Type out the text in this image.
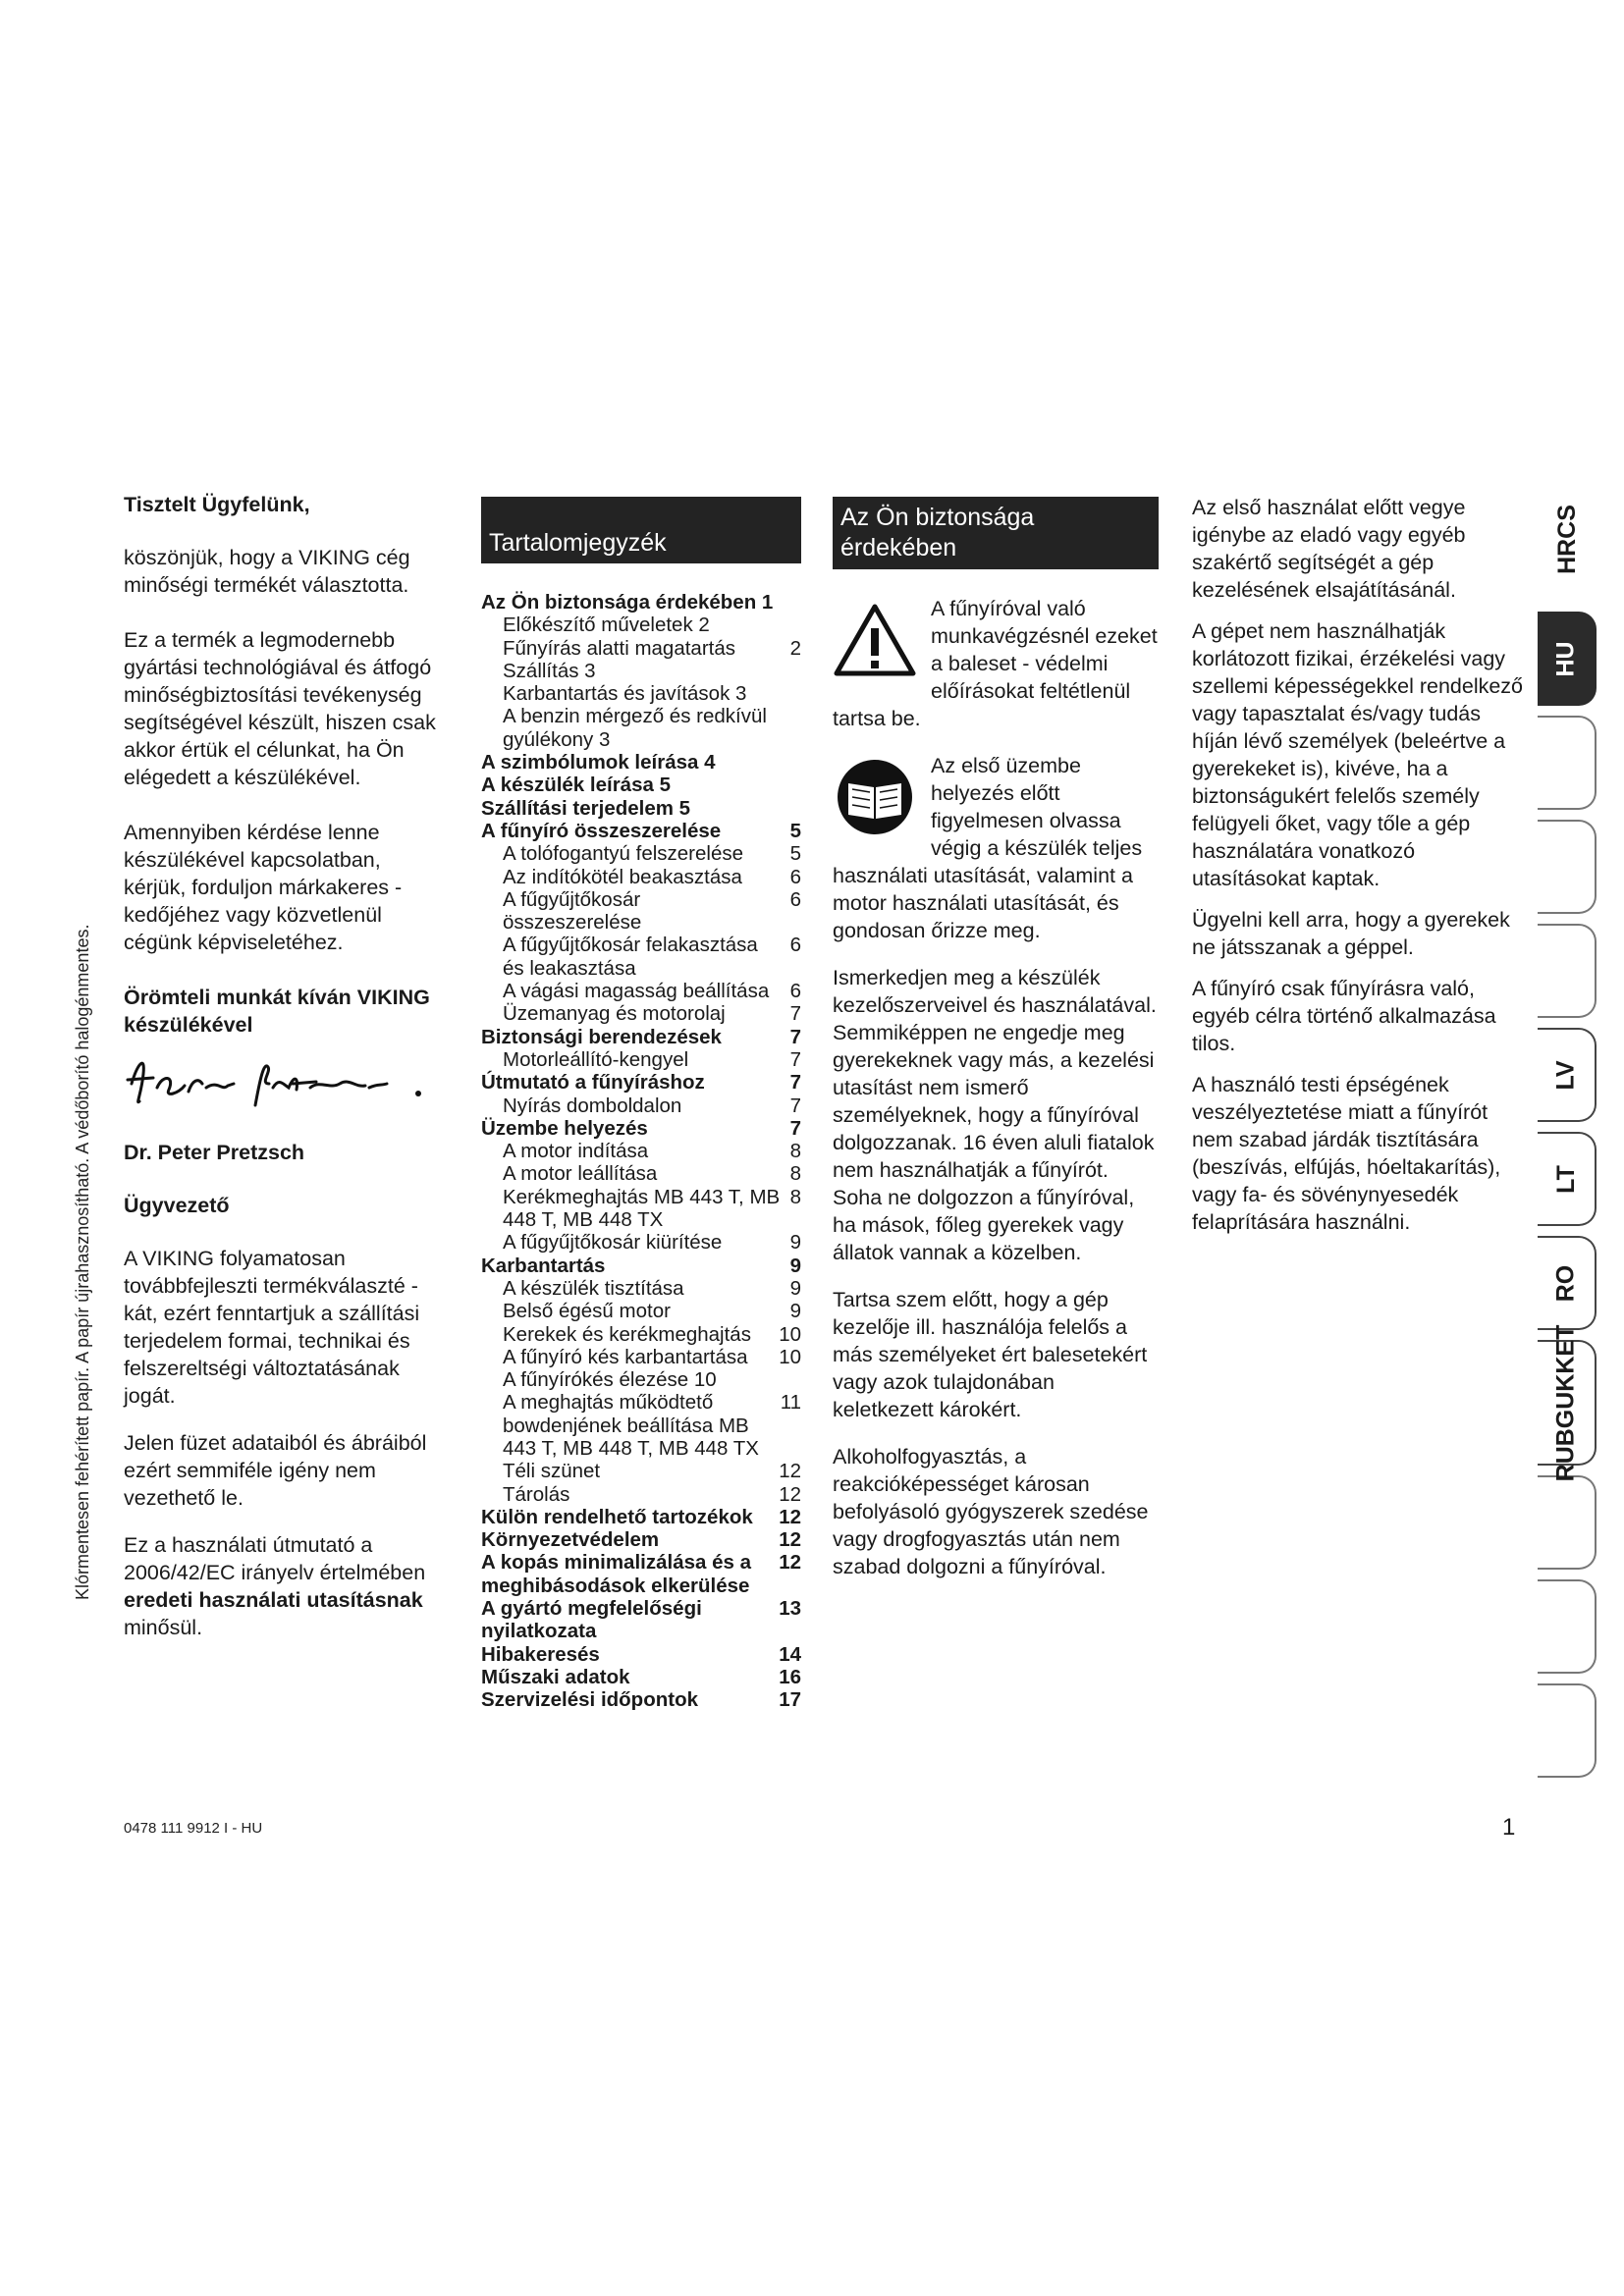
Tisztelt Ügyfelünk,

köszönjük, hogy a VIKING cég minőségi termékét választotta.

Ez a termék a legmodernebb gyártási technológiával és átfogó minőségbiztosítási tevékenység segítségével készült, hiszen csak akkor értük el célunkat, ha Ön elégedett a készülékével.

Amennyiben kérdése lenne készülékével kapcsolatban, kérjük, forduljon márkakeres - kedőjéhez vagy közvetlenül cégünk képviseletéhez.

Örömteli munkát kíván VIKING készülékével

Dr. Peter Pretzsch

Ügyvezető

A VIKING folyamatosan továbbfejleszti termékválaszté - kát, ezért fenntartjuk a szállítási terjedelem formai, technikai és felszereltségi változtatásának jogát.

Jelen füzet adataiból és ábráiból ezért semmiféle igény nem vezethető le.

Ez a használati útmutató a 2006/42/EC irányelv értelmében eredeti használati utasításnak minősül.

Tartalomjegyzék
Az Ön biztonsága érdekében 1
Előkészítő műveletek 2
Fűnyírás alatti magatartás	2
Szállítás 3
Karbantartás és javítások 3
A benzin mérgező és redkívül gyúlékony 3
A szimbólumok leírása 4
A készülék leírása 5
Szállítási terjedelem 5
A fűnyíró összeszerelése	5
A tolófogantyú felszerelése 5
Az indítókötél beakasztása 6
A fűgyűjtőkosár összeszerelése
6
A fűgyűjtőkosár felakasztása és leakasztása
6
A vágási magasság beállítása 6
Üzemanyag és motorolaj	7
Biztonsági berendezések	7
Motorleállító-kengyel	7
Útmutató a fűnyíráshoz	7
Nyírás domboldalon	7
Üzembe helyezés	7
A motor indítása	8
A motor leállítása	8
Kerékmeghajtás MB 443 T, MB 448 T, MB 448 TX
8
A fűgyűjtőkosár kiürítése	9
Karbantartás	9
A készülék tisztítása	9
Belső égésű motor	9
Kerekek és kerékmeghajtás 10
A fűnyíró kés karbantartása 10
A fűnyírókés élezése 10
A meghajtás működtető bowdenjének beállítása MB 443 T, MB 448 T, MB 448 TX
11
Téli szünet	12
Tárolás	12
Külön rendelhető tartozékok 12
Környezetvédelem	12
A kopás minimalizálása és a meghibásodások elkerülése
12
A gyártó megfelelőségi nyilatkozata
13
Hibakeresés	14
Műszaki adatok	16
Szervizelési időpontok	17
Az Ön biztonsága érdekében

A fűnyíróval való munkavégzésnél ezeket a baleset - védelmi előírásokat feltétlenül tartsa be.

Az első üzembe helyezés előtt figyelmesen olvassa végig a készülék teljes használati utasítását, valamint a motor használati utasítását, és gondosan őrizze meg.

Ismerkedjen meg a készülék kezelőszerveivel és használatával. Semmiképpen ne engedje meg gyerekeknek vagy más, a kezelési utasítást nem ismerő személyeknek, hogy a fűnyíróval dolgozzanak. 16 éven aluli fiatalok nem használhatják a fűnyírót. Soha ne dolgozzon a fűnyíróval, ha mások, főleg gyerekek vagy állatok vannak a közelben.

Tartsa szem előtt, hogy a gép kezelője ill. használója felelős a más személyeket ért balesetekért vagy azok tulajdonában keletkezett károkért.

Alkoholfogyasztás, a reakcióképességet károsan befolyásoló gyógyszerek szedése vagy drogfogyasztás után nem szabad dolgozni a fűnyíróval.

Az első használat előtt vegye igénybe az eladó vagy egyéb szakértő segítségét a gép kezelésének elsajátításánál.

A gépet nem használhatják korlátozott fizikai, érzékelési vagy szellemi képességekkel rendelkező vagy tapasztalat és/vagy tudás híján lévő személyek (beleértve a gyerekeket is), kivéve, ha a biztonságukért felelős személy felügyeli őket, vagy tőle a gép használatára vonatkozó utasításokat kaptak.

Ügyelni kell arra, hogy a gyerekek ne játsszanak a géppel.

A fűnyíró csak fűnyírásra való, egyéb célra történő alkalmazása tilos.

A használó testi épségének veszélyeztetése miatt a fűnyírót nem szabad járdák tisztítására (beszívás, elfújás, hóeltakarítás), vagy fa- és sövénynyesedék felaprítására használni.

HRCS
HU
LV
LT
RO
RUBGUKKET
Klórmentesen fehérített papír. A papír újrahasznosítható. A védőborító halogénmentes.
0478 111 9912 I - HU	1
